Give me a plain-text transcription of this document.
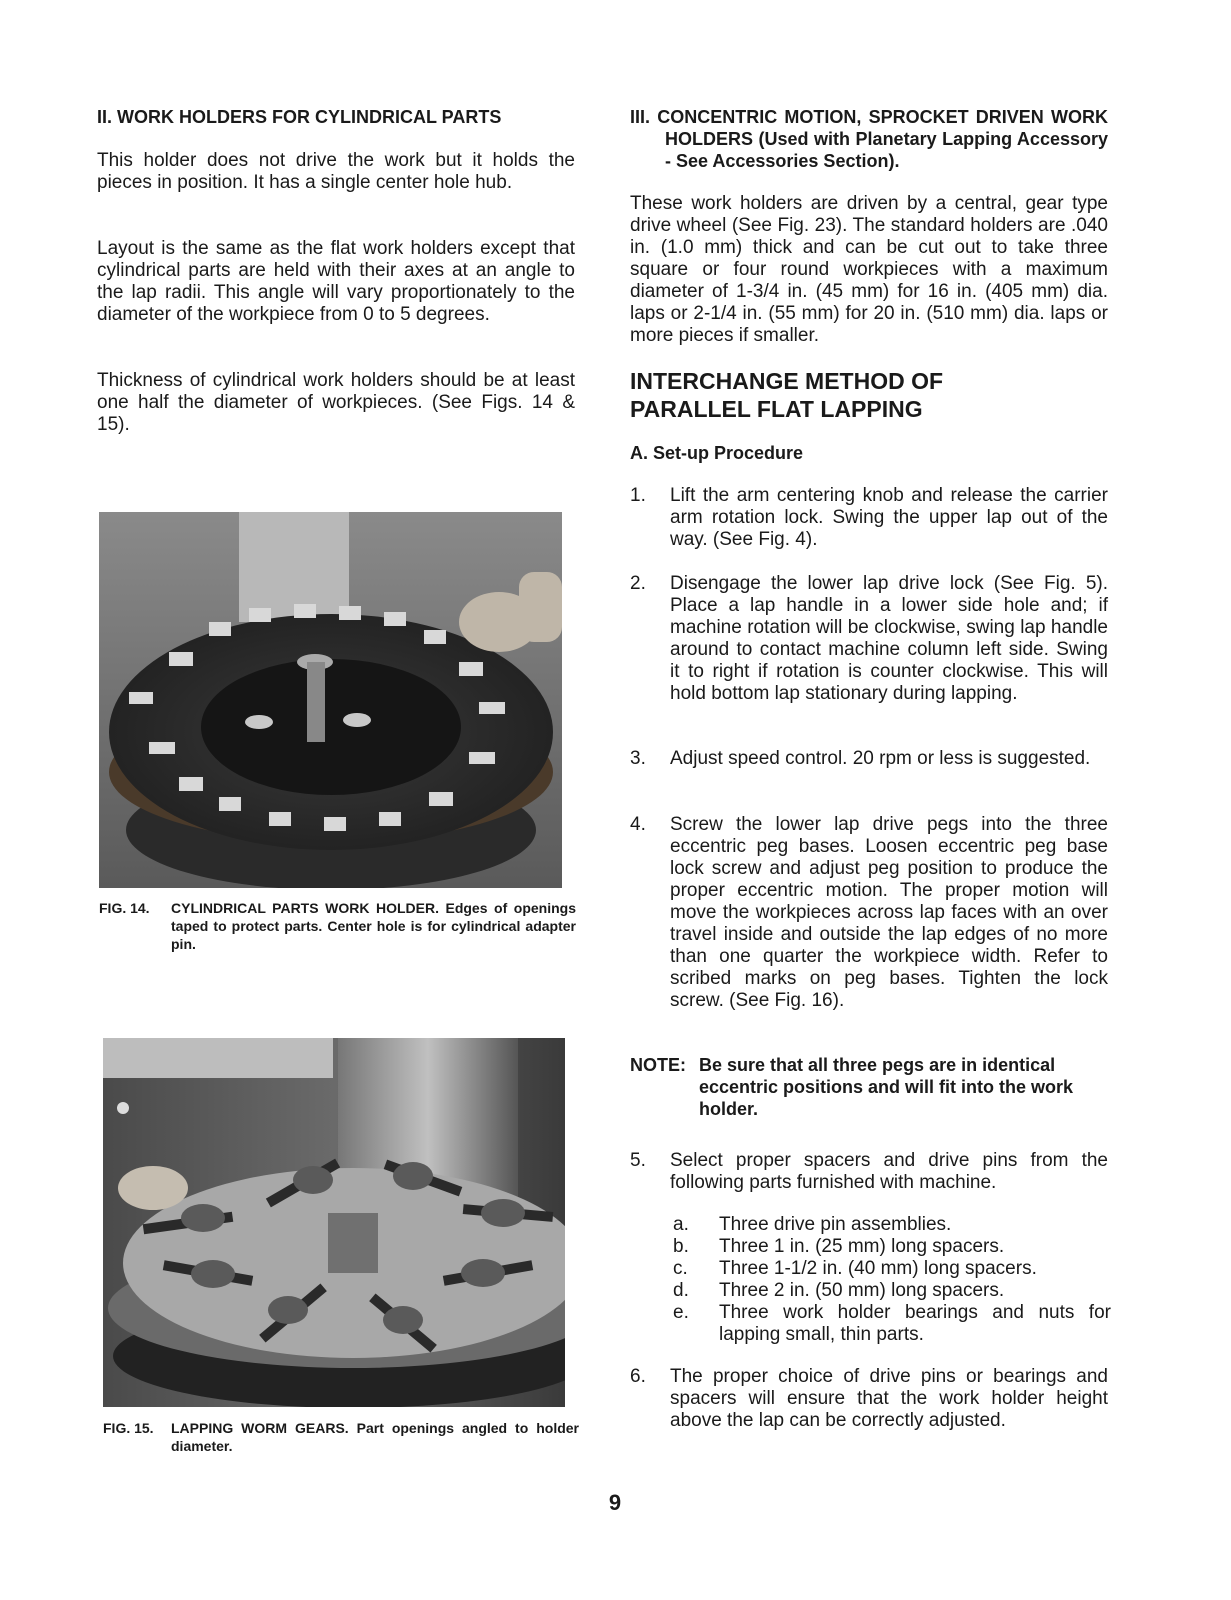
II. WORK HOLDERS FOR CYLINDRICAL PARTS
This holder does not drive the work but it holds the pieces in position. It has a single center hole hub.
Layout is the same as the flat work holders except that cylindrical parts are held with their axes at an angle to the lap radii. This angle will vary proportionately to the diameter of the workpiece from 0 to 5 degrees.
Thickness of cylindrical work holders should be at least one half the diameter of workpieces. (See Figs. 14 & 15).
FIG. 14.	CYLINDRICAL PARTS WORK HOLDER. Edges of openings taped to protect parts. Center hole is for cylindrical adapter pin.
FIG. 15.	LAPPING WORM GEARS. Part openings angled to holder diameter.
III. CONCENTRIC MOTION, SPROCKET DRIVEN WORK HOLDERS (Used with Planetary Lapping Accessory - See Accessories Section).
These work holders are driven by a central, gear type drive wheel (See Fig. 23). The standard holders are .040 in. (1.0 mm) thick and can be cut out to take three square or four round workpieces with a maximum diameter of 1-3/4 in. (45 mm) for 16 in. (405 mm) dia. laps or 2-1/4 in. (55 mm) for 20 in. (510 mm) dia. laps or more pieces if smaller.
INTERCHANGE METHOD OF PARALLEL FLAT LAPPING
A. Set-up Procedure
1. Lift the arm centering knob and release the carrier arm rotation lock. Swing the upper lap out of the way. (See Fig. 4).
2. Disengage the lower lap drive lock (See Fig. 5). Place a lap handle in a lower side hole and; if machine rotation will be clockwise, swing lap handle around to contact machine column left side. Swing it to right if rotation is counter clockwise. This will hold bottom lap stationary during lapping.
3. Adjust speed control. 20 rpm or less is suggested.
4. Screw the lower lap drive pegs into the three eccentric peg bases. Loosen eccentric peg base lock screw and adjust peg position to produce the proper eccentric motion. The proper motion will move the workpieces across lap faces with an over travel inside and outside the lap edges of no more than one quarter the workpiece width. Refer to scribed marks on peg bases. Tighten the lock screw. (See Fig. 16).
NOTE: Be sure that all three pegs are in identical eccentric positions and will fit into the work holder.
5. Select proper spacers and drive pins from the following parts furnished with machine.
a. Three drive pin assemblies.
b. Three 1 in. (25 mm) long spacers.
c. Three 1-1/2 in. (40 mm) long spacers.
d. Three 2 in. (50 mm) long spacers.
e. Three work holder bearings and nuts for lapping small, thin parts.
6. The proper choice of drive pins or bearings and spacers will ensure that the work holder height above the lap can be correctly adjusted.
9
